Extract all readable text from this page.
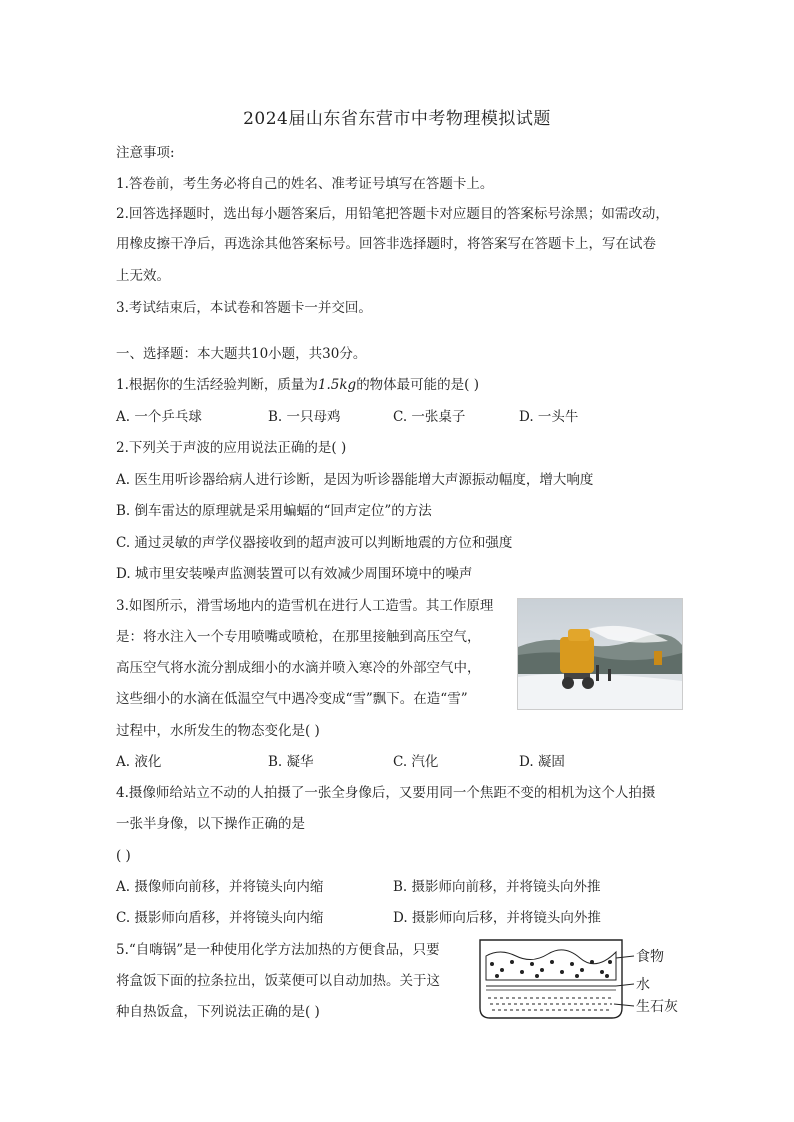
2024届山东省东营市中考物理模拟试题
注意事项:
1.答卷前，考生务必将自己的姓名、准考证号填写在答题卡上。
2.回答选择题时，选出每小题答案后，用铅笔把答题卡对应题目的答案标号涂黑；如需改动，
用橡皮擦干净后，再选涂其他答案标号。回答非选择题时，将答案写在答题卡上，写在试卷
上无效。
3.考试结束后，本试卷和答题卡一并交回。
一、选择题：本大题共10小题，共30分。
1.根据你的生活经验判断，质量为1.5kg的物体最可能的是( )
A. 一个乒乓球	B. 一只母鸡	C. 一张桌子	D. 一头牛
2.下列关于声波的应用说法正确的是( )
A. 医生用听诊器给病人进行诊断，是因为听诊器能增大声源振动幅度，增大响度
B. 倒车雷达的原理就是采用蝙蝠的“回声定位”的方法
C. 通过灵敏的声学仪器接收到的超声波可以判断地震的方位和强度
D. 城市里安装噪声监测装置可以有效减少周围环境中的噪声
3.如图所示，滑雪场地内的造雪机在进行人工造雪。其工作原理
是：将水注入一个专用喷嘴或喷枪，在那里接触到高压空气，
高压空气将水流分割成细小的水滴并喷入寒冷的外部空气中，
这些细小的水滴在低温空气中遇冷变成“雪”飘下。在造“雪”
过程中，水所发生的物态变化是( )
A. 液化	B. 凝华	C. 汽化	D. 凝固
4.摄像师给站立不动的人拍摄了一张全身像后，又要用同一个焦距不变的相机为这个人拍摄
一张半身像，以下操作正确的是
( )
A. 摄像师向前移，并将镜头向内缩	B. 摄影师向前移，并将镜头向外推
C. 摄影师向盾移，并将镜头向内缩	D. 摄影师向后移，并将镜头向外推
5.“自嗨锅”是一种使用化学方法加热的方便食品，只要
将盒饭下面的拉条拉出，饭菜便可以自动加热。关于这
种自热饭盒，下列说法正确的是( )
食物
水
生石灰
